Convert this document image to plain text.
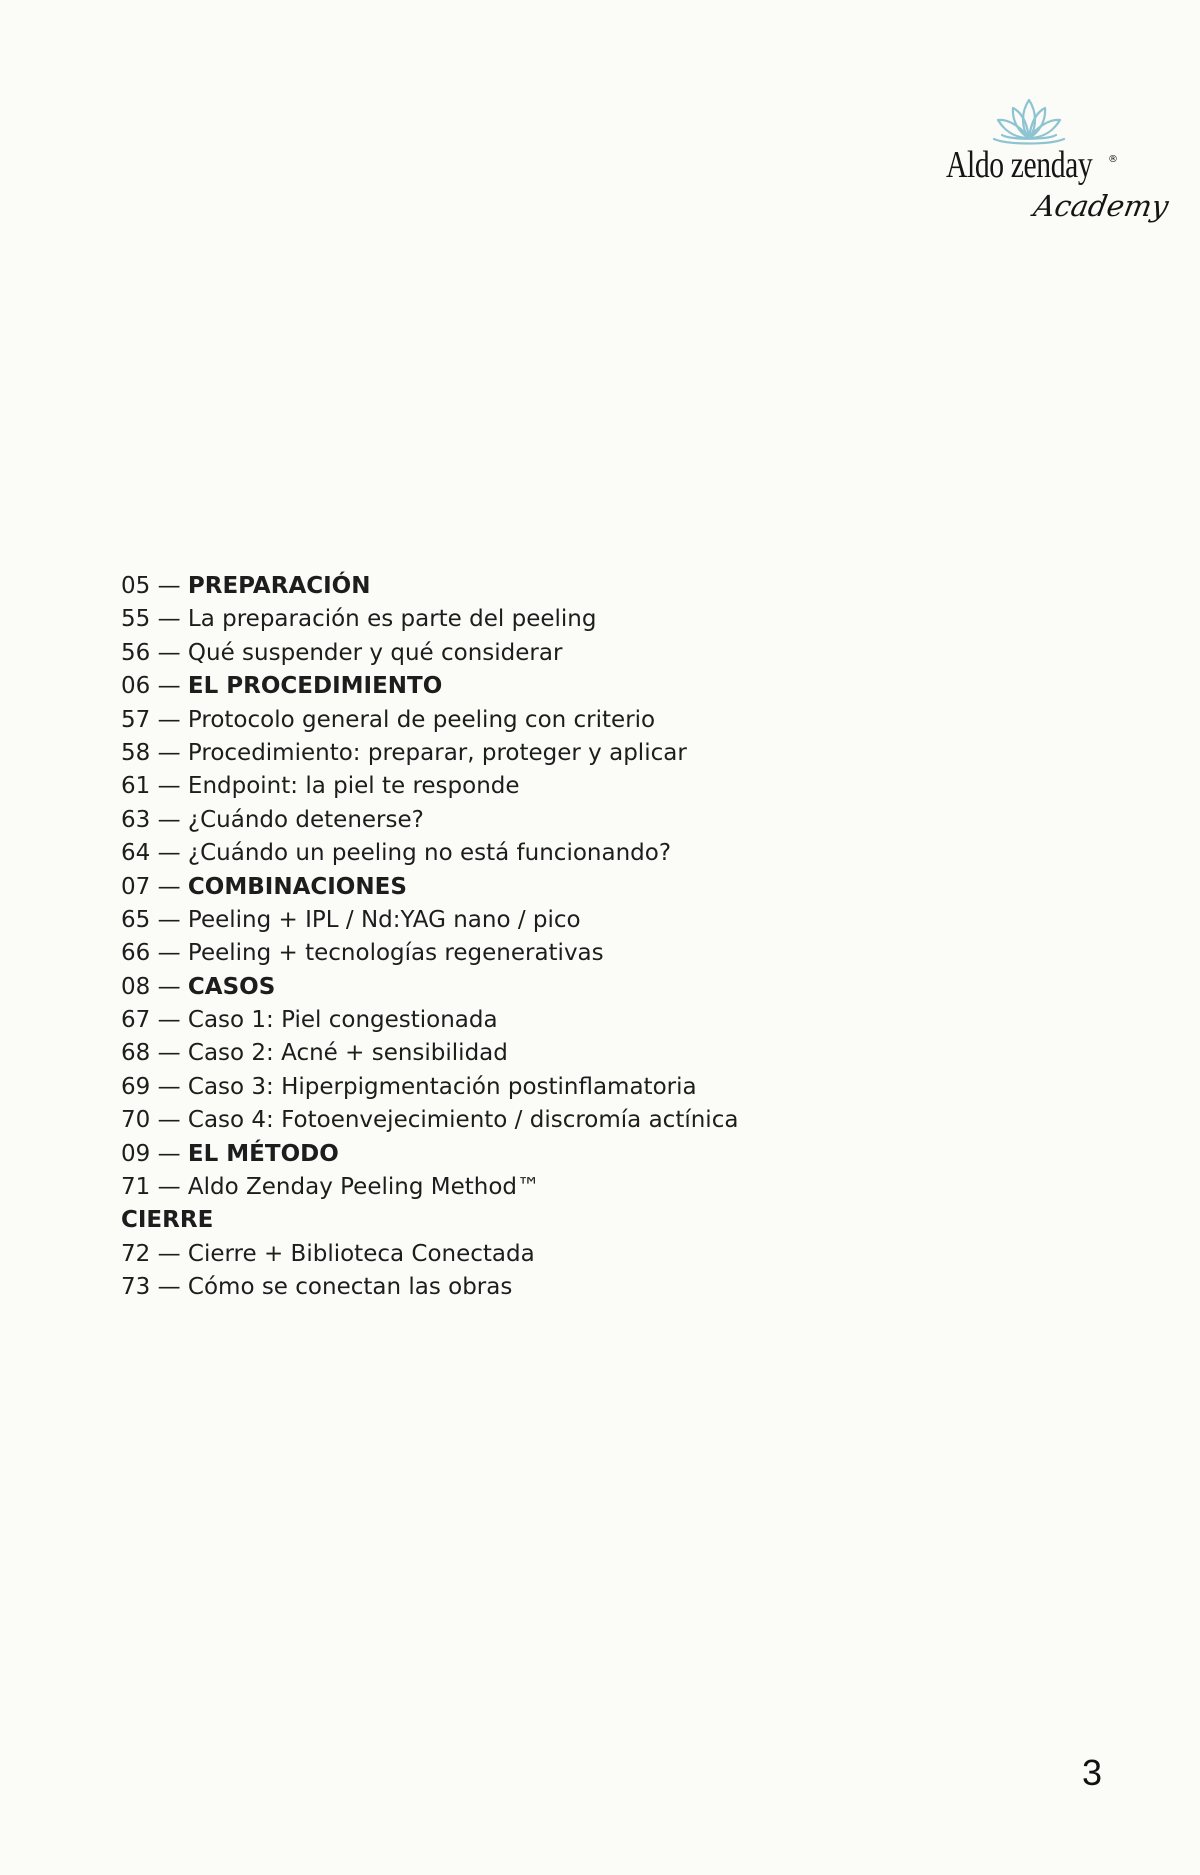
Aldo zenday ®
Academy
05 — PREPARACIÓN
55 — La preparación es parte del peeling
56 — Qué suspender y qué considerar
06 — EL PROCEDIMIENTO
57 — Protocolo general de peeling con criterio
58 — Procedimiento: preparar, proteger y aplicar
61 — Endpoint: la piel te responde
63 — ¿Cuándo detenerse?
64 — ¿Cuándo un peeling no está funcionando?
07 — COMBINACIONES
65 — Peeling + IPL / Nd:YAG nano / pico
66 — Peeling + tecnologías regenerativas
08 — CASOS
67 — Caso 1: Piel congestionada
68 — Caso 2: Acné + sensibilidad
69 — Caso 3: Hiperpigmentación postinflamatoria
70 — Caso 4: Fotoenvejecimiento / discromía actínica
09 — EL MÉTODO
71 — Aldo Zenday Peeling Method™
CIERRE
72 — Cierre + Biblioteca Conectada
73 — Cómo se conectan las obras
3
